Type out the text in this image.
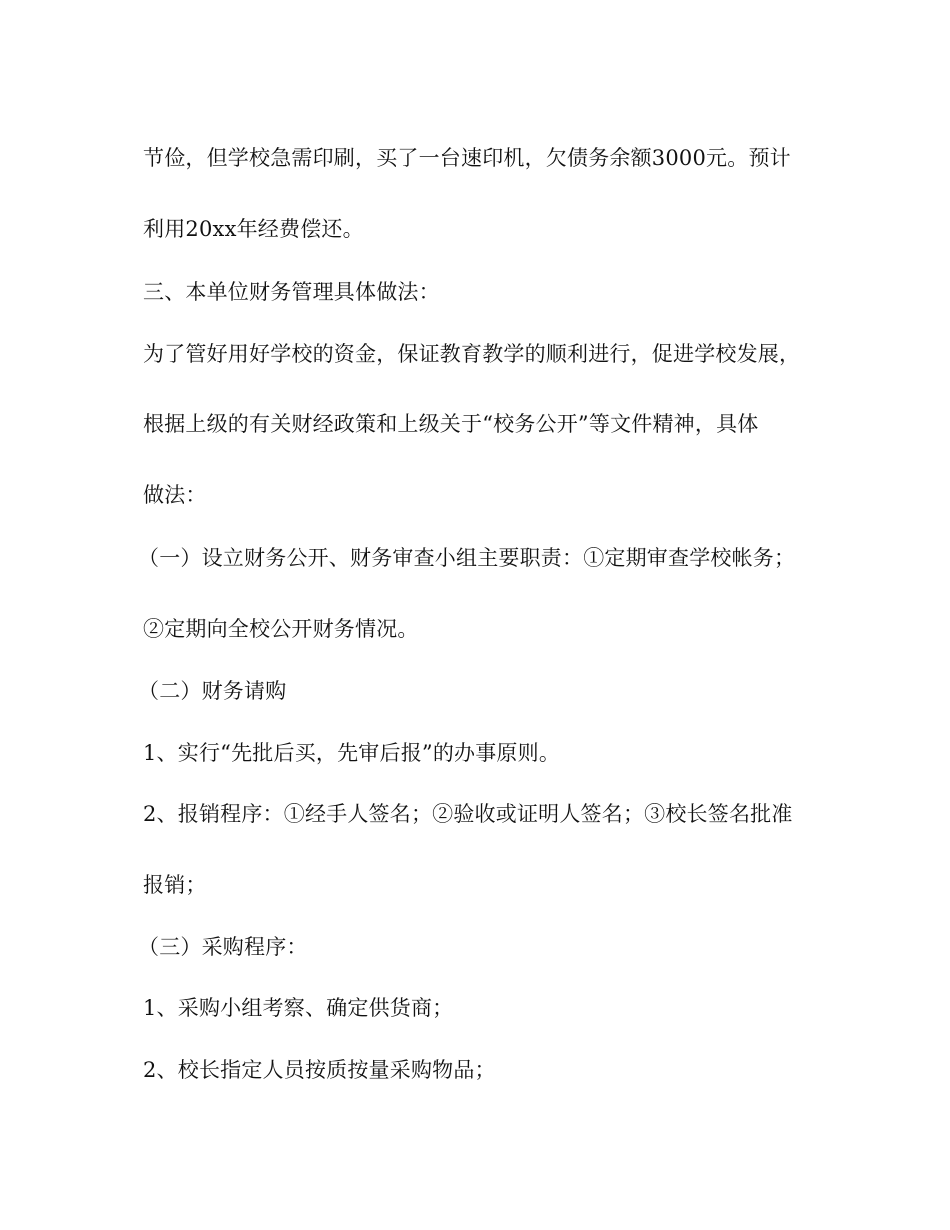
节俭，但学校急需印刷，买了一台速印机，欠债务余额3000元。预计
利用20xx年经费偿还。
三、本单位财务管理具体做法：
为了管好用好学校的资金，保证教育教学的顺利进行，促进学校发展，
根据上级的有关财经政策和上级关于“校务公开”等文件精神，具体
做法：
（一）设立财务公开、财务审查小组主要职责：①定期审查学校帐务；
②定期向全校公开财务情况。
（二）财务请购
1、实行“先批后买，先审后报”的办事原则。
2、报销程序：①经手人签名；②验收或证明人签名；③校长签名批准
报销；
（三）采购程序：
1、采购小组考察、确定供货商；
2、校长指定人员按质按量采购物品；
